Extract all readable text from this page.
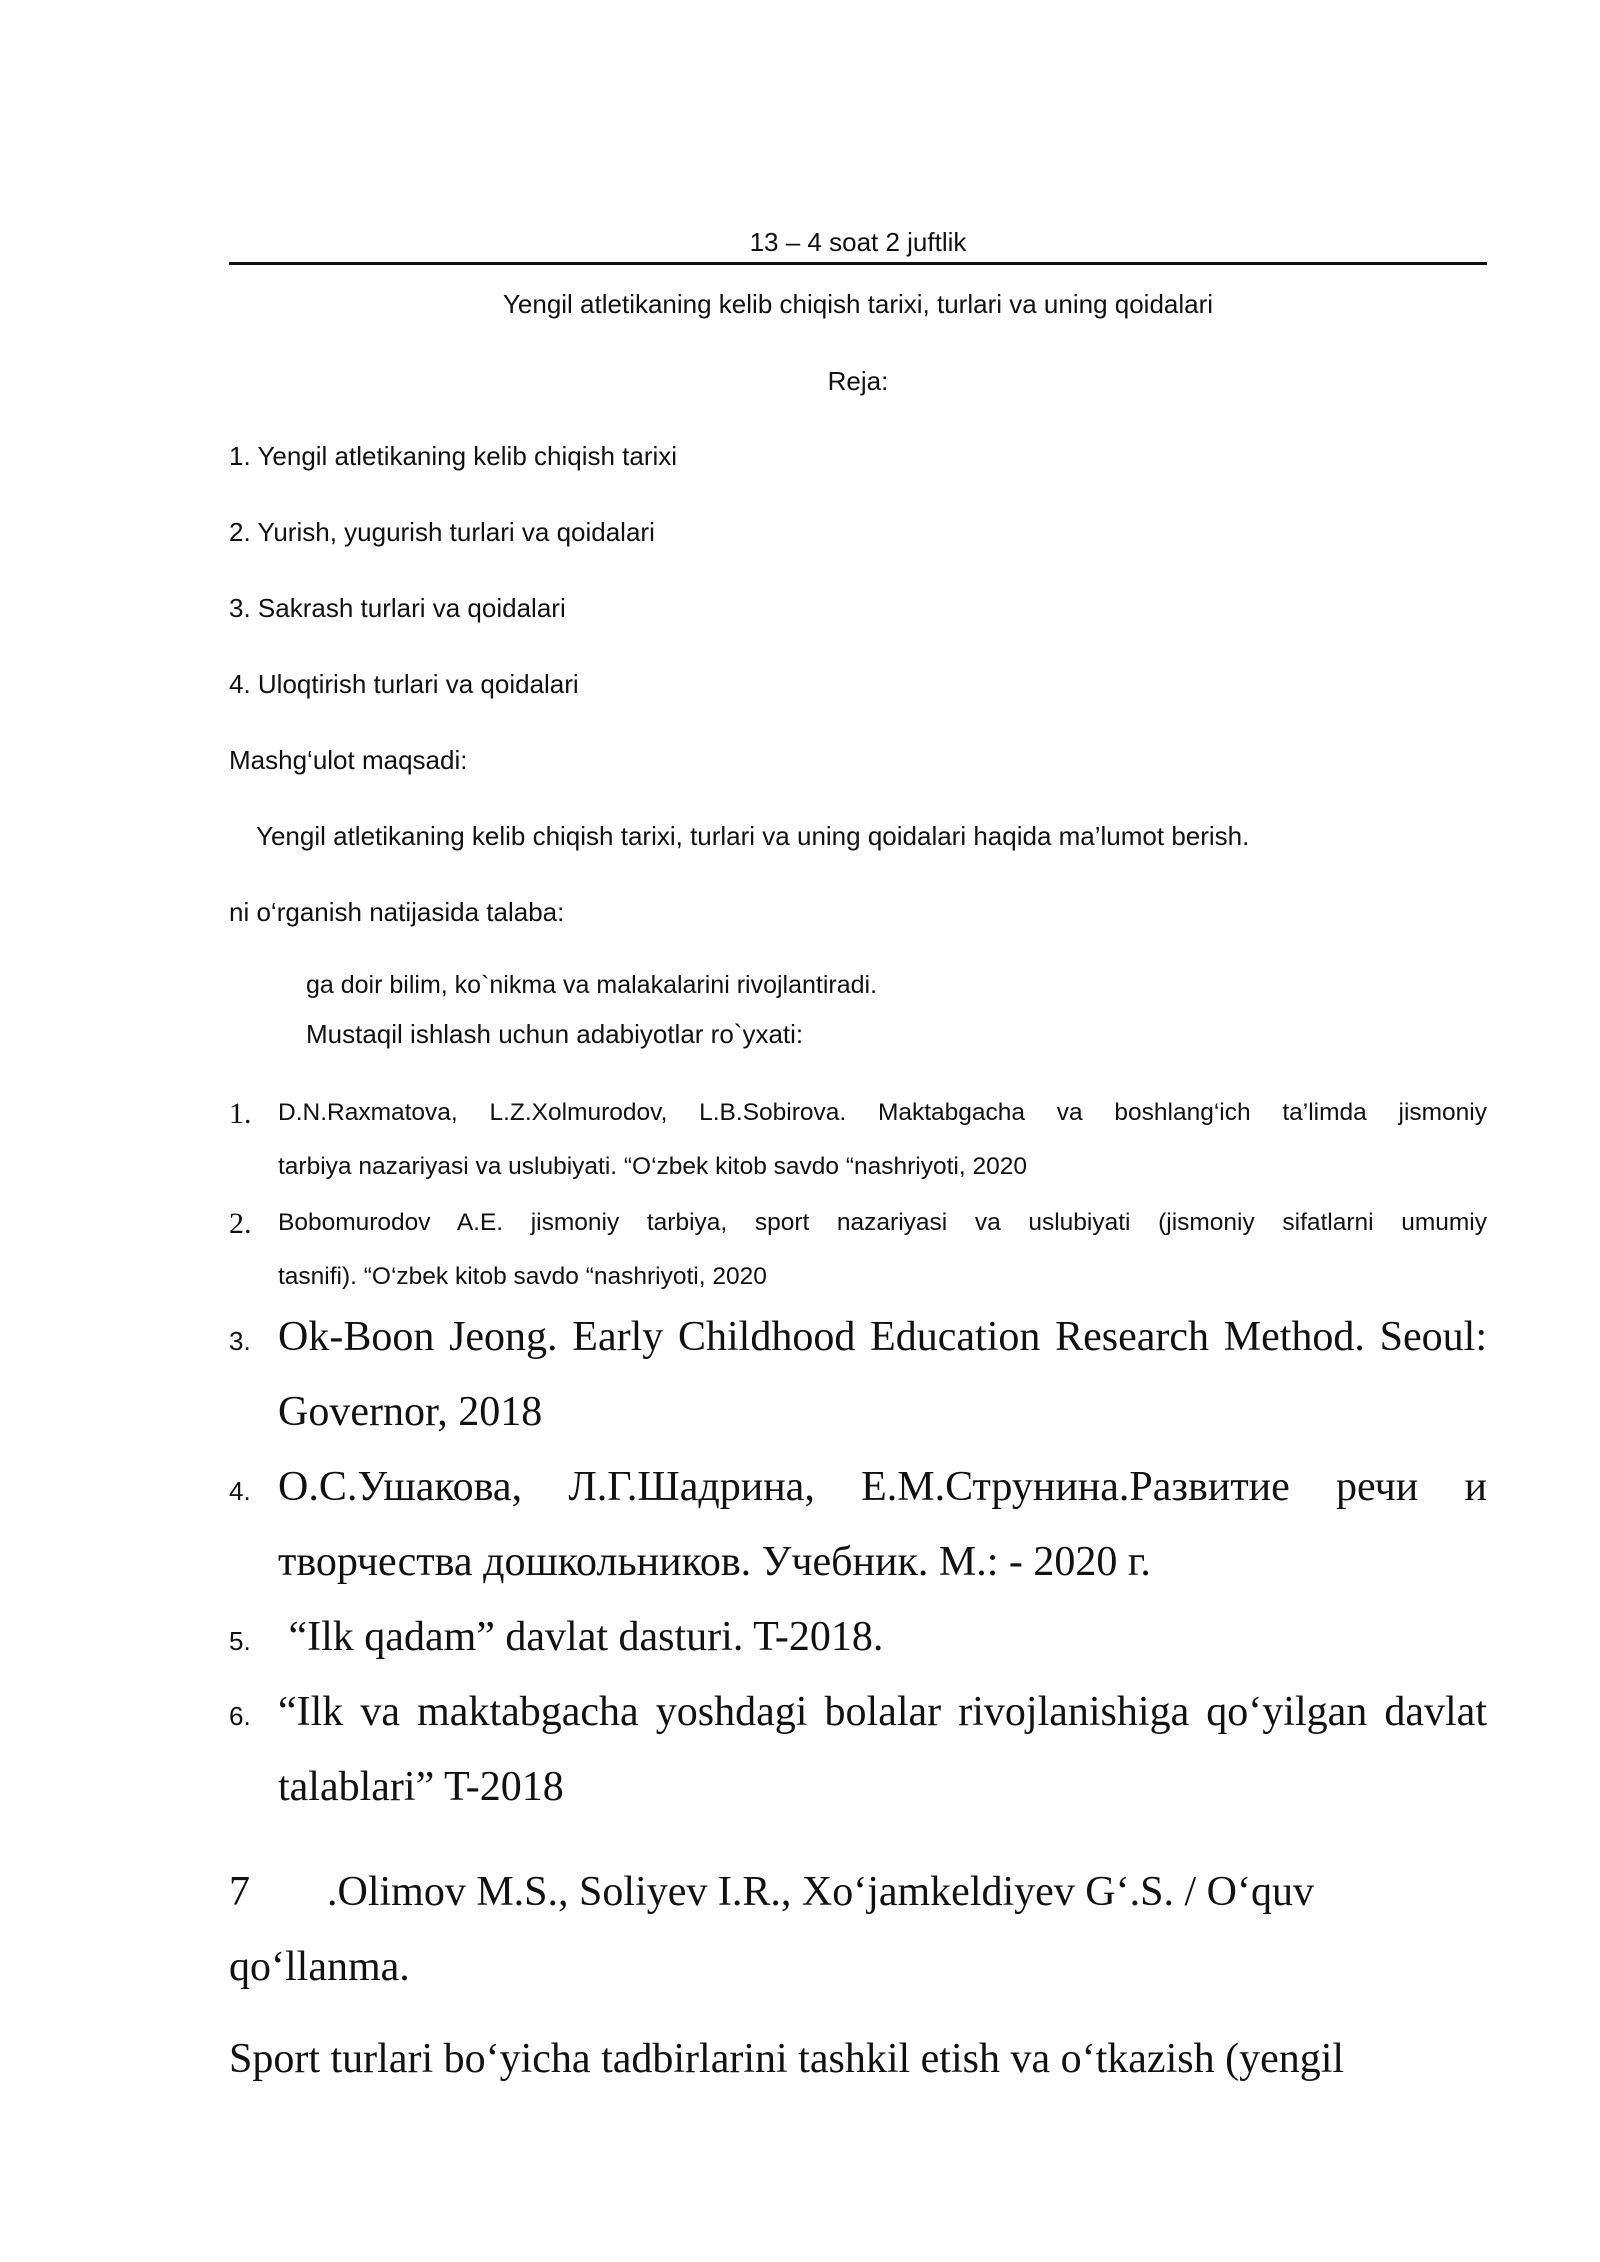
13 – 4 soat 2 juftlik
Yengil atletikaning kelib chiqish tarixi, turlari va uning qoidalari
Reja:
1. Yengil atletikaning kelib chiqish tarixi
2. Yurish, yugurish turlari va qoidalari
3. Sakrash turlari va qoidalari
4. Uloqtirish turlari va qoidalari
Mashg‘ulot maqsadi:
Yengil atletikaning kelib chiqish tarixi, turlari va uning qoidalari haqida ma’lumot berish.
ni o‘rganish natijasida talaba:
ga doir bilim, ko`nikma va malakalarini rivojlantiradi.
Mustaqil ishlash uchun adabiyotlar ro`yxati:
1. D.N.Raxmatova, L.Z.Xolmurodov, L.B.Sobirova. Maktabgacha va boshlang‘ich ta’limda jismoniy
tarbiya nazariyasi va uslubiyati. “O‘zbek kitob savdo “nashriyoti, 2020
2. Bobomurodov A.E. jismoniy tarbiya, sport nazariyasi va uslubiyati (jismoniy sifatlarni umumiy
tasnifi). “O‘zbek kitob savdo “nashriyoti, 2020
3. Ok-Boon Jeong. Early Childhood Education Research Method. Seoul:
Governor, 2018
4. О.С.Ушакова, Л.Г.Шадрина, Е.М.Струнина.Развитие речи и
творчества дошкольников. Учебник. М.: - 2020 г.
5. “Ilk qadam” davlat dasturi. T-2018.
6. “Ilk va maktabgacha yoshdagi bolalar rivojlanishiga qo‘yilgan davlat
talablari” T-2018
7 .Olimov M.S., Soliyev I.R., Xo‘jamkeldiyev G‘.S. / O‘quv
qo‘llanma.
Sport turlari bo‘yicha tadbirlarini tashkil etish va o‘tkazish (yengil
